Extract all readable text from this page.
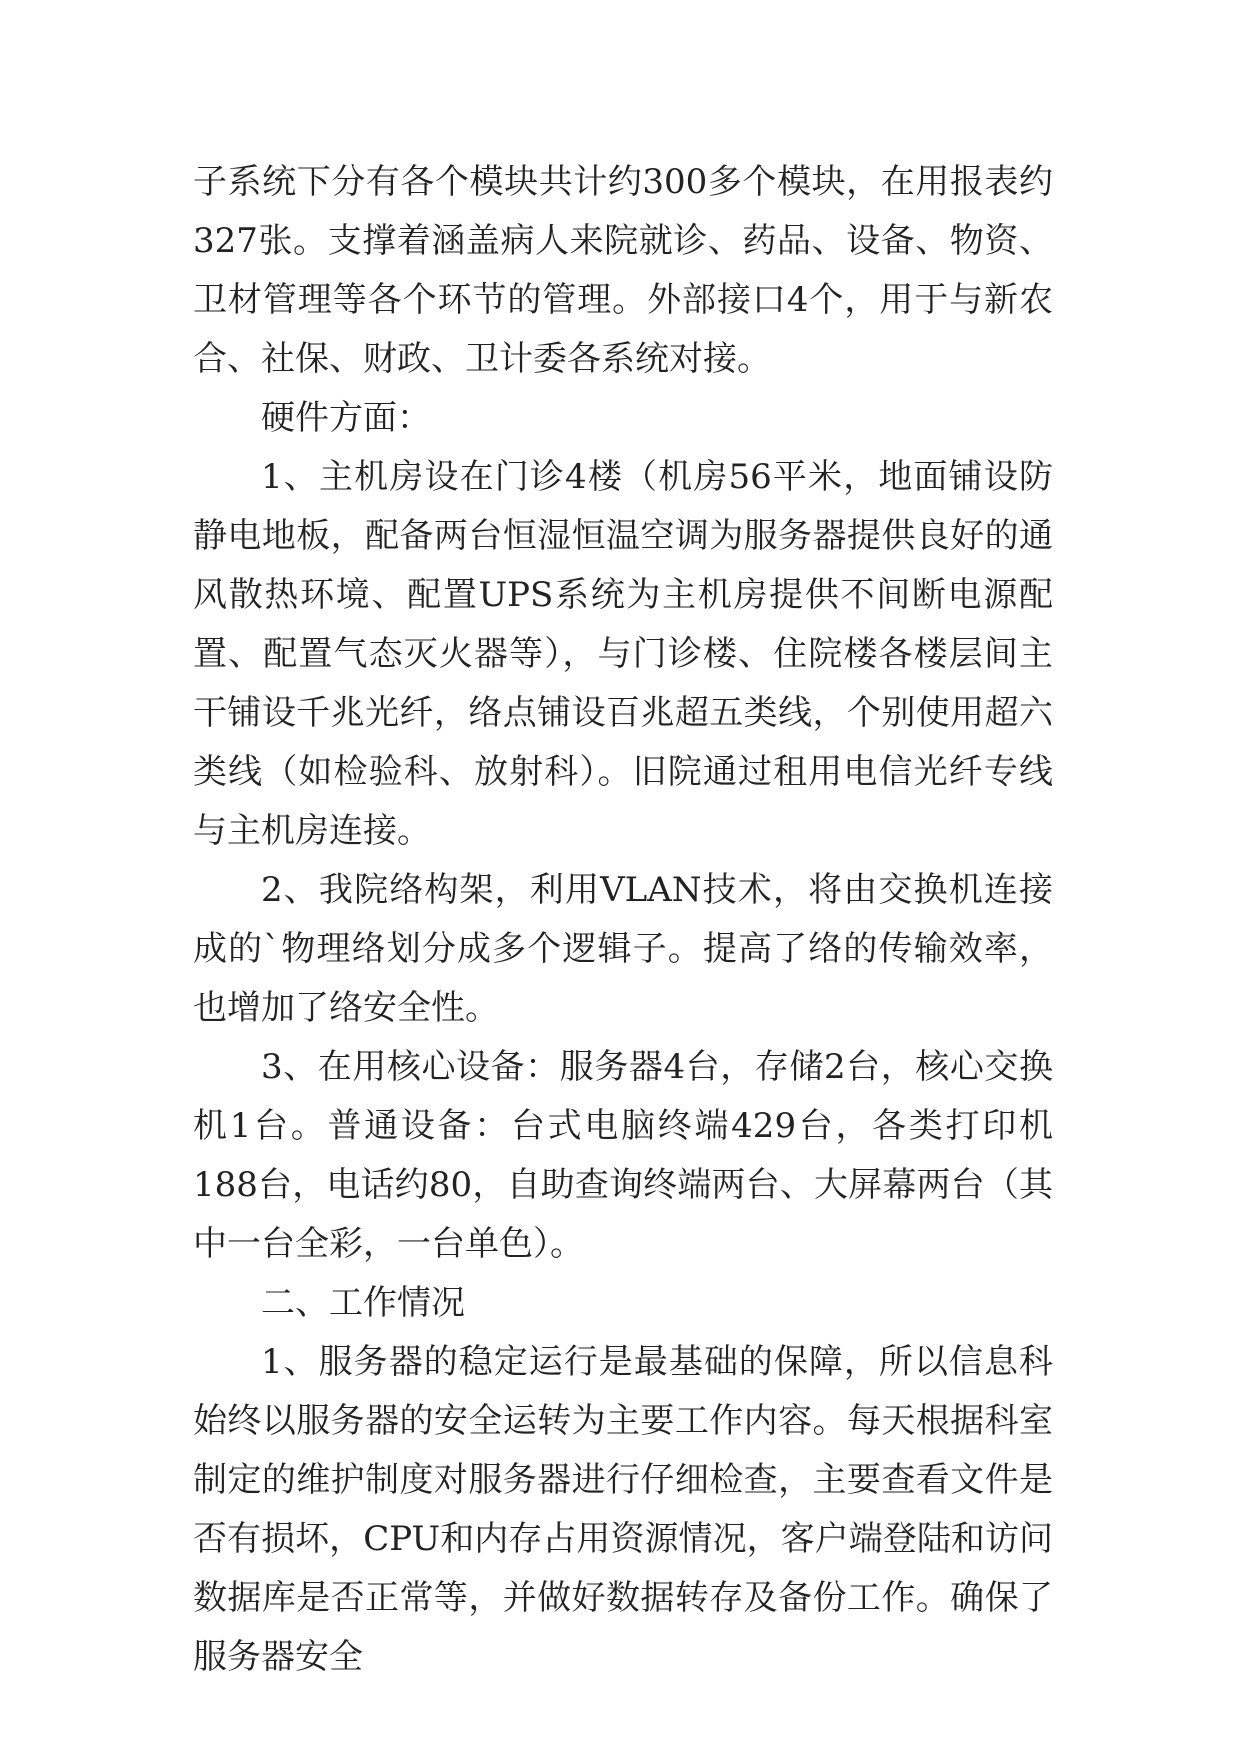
子系统下分有各个模块共计约300多个模块，在用报表约327张。支撑着涵盖病人来院就诊、药品、设备、物资、卫材管理等各个环节的管理。外部接口4个，用于与新农合、社保、财政、卫计委各系统对接。

硬件方面：

1、主机房设在门诊4楼（机房56平米，地面铺设防静电地板，配备两台恒湿恒温空调为服务器提供良好的通风散热环境、配置UPS系统为主机房提供不间断电源配置、配置气态灭火器等），与门诊楼、住院楼各楼层间主干铺设千兆光纤，络点铺设百兆超五类线，个别使用超六类线（如检验科、放射科）。旧院通过租用电信光纤专线与主机房连接。

2、我院络构架，利用VLAN技术，将由交换机连接成的`物理络划分成多个逻辑子。提高了络的传输效率，也增加了络安全性。

3、在用核心设备：服务器4台，存储2台，核心交换机1台。普通设备：台式电脑终端429台，各类打印机188台，电话约80，自助查询终端两台、大屏幕两台（其中一台全彩，一台单色）。

二、工作情况

1、服务器的稳定运行是最基础的保障，所以信息科始终以服务器的安全运转为主要工作内容。每天根据科室制定的维护制度对服务器进行仔细检查，主要查看文件是否有损坏，CPU和内存占用资源情况，客户端登陆和访问数据库是否正常等，并做好数据转存及备份工作。确保了服务器安全
